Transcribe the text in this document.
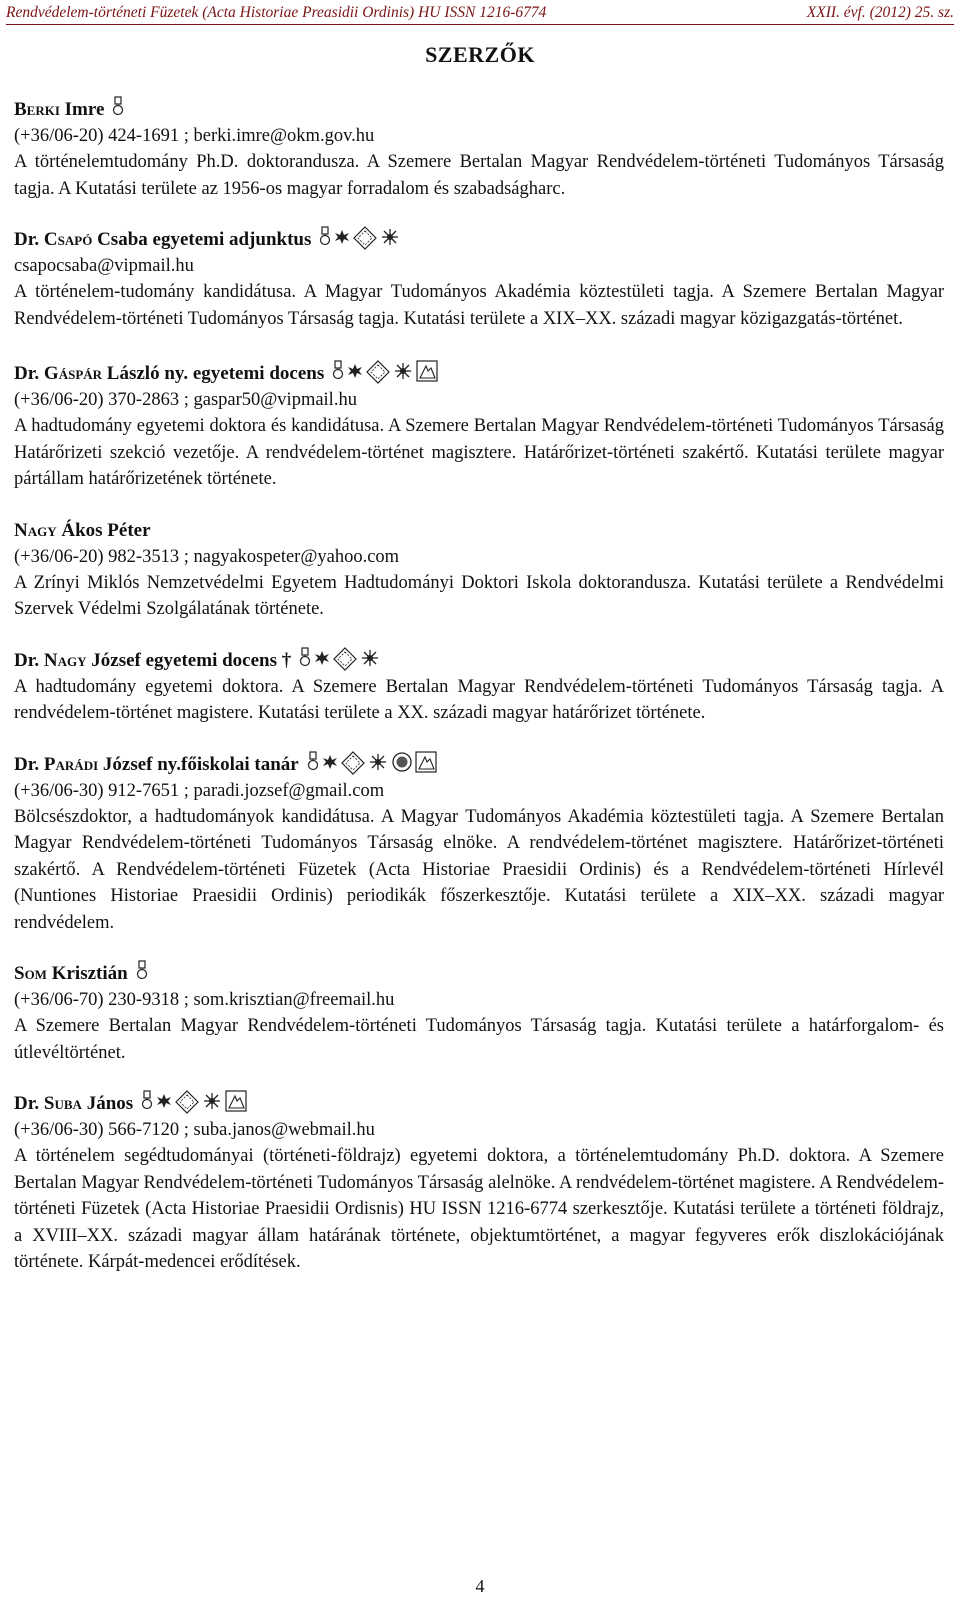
Rendvédelem-történeti Füzetek (Acta Historiae Preasidii Ordinis) HU ISSN 1216-6774	XXII. évf. (2012) 25. sz.
SZERZŐK
Berki Imre
(+36/06-20) 424-1691 ; berki.imre@okm.gov.hu
A történelemtudomány Ph.D. doktorandusza. A Szemere Bertalan Magyar Rendvédelem-történeti Tudományos Társaság tagja. A Kutatási területe az 1956-os magyar forradalom és szabadságharc.
Dr. Csapó Csaba egyetemi adjunktus
csapocsaba@vipmail.hu
A történelem-tudomány kandidátusa. A Magyar Tudományos Akadémia köztestületi tagja. A Szemere Bertalan Magyar Rendvédelem-történeti Tudományos Társaság tagja. Kutatási területe a XIX–XX. századi magyar közigazgatás-történet.
Dr. Gáspár László ny. egyetemi docens
(+36/06-20) 370-2863 ; gaspar50@vipmail.hu
A hadtudomány egyetemi doktora és kandidátusa. A Szemere Bertalan Magyar Rendvédelem-történeti Tudományos Társaság Határőrizeti szekció vezetője. A rendvédelem-történet magisztere. Határőrizet-történeti szakértő. Kutatási területe magyar pártállam határőrizetének története.
Nagy Ákos Péter
(+36/06-20) 982-3513 ; nagyakospeter@yahoo.com
A Zrínyi Miklós Nemzetvédelmi Egyetem Hadtudományi Doktori Iskola doktorandusza. Kutatási területe a Rendvédelmi Szervek Védelmi Szolgálatának története.
Dr. Nagy József egyetemi docens †
A hadtudomány egyetemi doktora. A Szemere Bertalan Magyar Rendvédelem-történeti Tudományos Társaság tagja. A rendvédelem-történet magistere. Kutatási területe a XX. századi magyar határőrizet története.
Dr. Parádi József ny.főiskolai tanár
(+36/06-30) 912-7651 ; paradi.jozsef@gmail.com
Bölcsészdoktor, a hadtudományok kandidátusa. A Magyar Tudományos Akadémia köztestületi tagja. A Szemere Bertalan Magyar Rendvédelem-történeti Tudományos Társaság elnöke. A rendvédelem-történet magisztere. Határőrizet-történeti szakértő. A Rendvédelem-történeti Füzetek (Acta Historiae Praesidii Ordinis) és a Rendvédelem-történeti Hírlevél (Nuntiones Historiae Praesidii Ordinis) periodikák főszerkesztője. Kutatási területe a XIX–XX. századi magyar rendvédelem.
Som Krisztián
(+36/06-70) 230-9318 ; som.krisztian@freemail.hu
A Szemere Bertalan Magyar Rendvédelem-történeti Tudományos Társaság tagja. Kutatási területe a határforgalom- és útlevéltörténet.
Dr. Suba János
(+36/06-30) 566-7120 ; suba.janos@webmail.hu
A történelem segédtudományai (történeti-földrajz) egyetemi doktora, a történelemtudomány Ph.D. doktora. A Szemere Bertalan Magyar Rendvédelem-történeti Tudományos Társaság alelnöke. A rendvédelem-történet magistere. A Rendvédelem-történeti Füzetek (Acta Historiae Praesidii Ordisnis) HU ISSN 1216-6774 szerkesztője. Kutatási területe a történeti földrajz, a XVIII–XX. századi magyar állam határának története, objektumtörténet, a magyar fegyveres erők diszlokációjának története. Kárpát-medencei erődítések.
4
